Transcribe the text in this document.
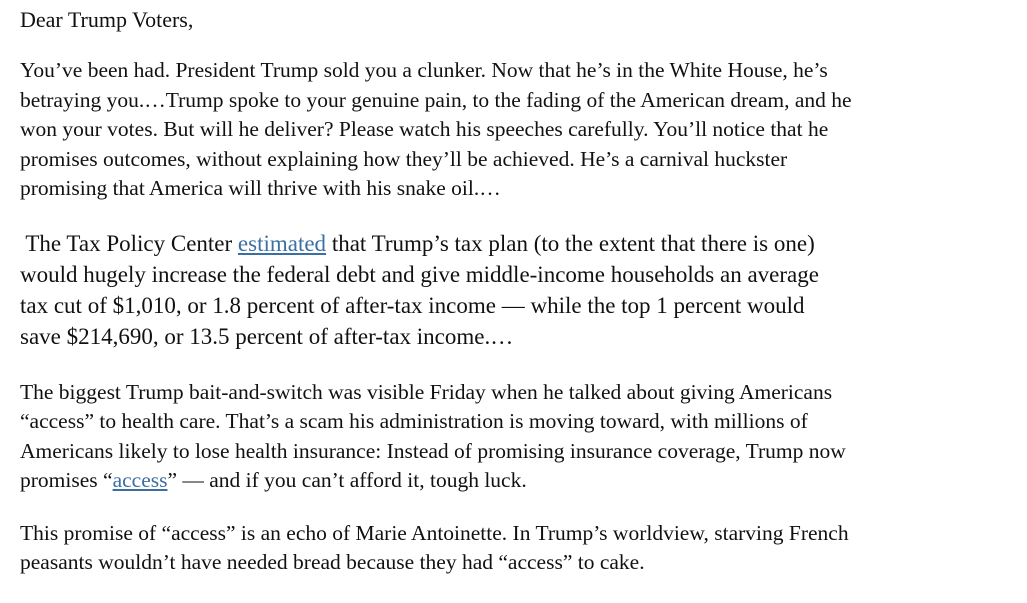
Dear Trump Voters,

You’ve been had. President Trump sold you a clunker. Now that he’s in the White House, he’s
betraying you.…Trump spoke to your genuine pain, to the fading of the American dream, and he
won your votes. But will he deliver? Please watch his speeches carefully. You’ll notice that he
promises outcomes, without explaining how they’ll be achieved. He’s a carnival huckster
promising that America will thrive with his snake oil.…

The Tax Policy Center estimated that Trump’s tax plan (to the extent that there is one)
would hugely increase the federal debt and give middle-income households an average
tax cut of $1,010, or 1.8 percent of after-tax income — while the top 1 percent would
save $214,690, or 13.5 percent of after-tax income.…

The biggest Trump bait-and-switch was visible Friday when he talked about giving Americans
“access” to health care. That’s a scam his administration is moving toward, with millions of
Americans likely to lose health insurance: Instead of promising insurance coverage, Trump now
promises “access” — and if you can’t afford it, tough luck.

This promise of “access” is an echo of Marie Antoinette. In Trump’s worldview, starving French
peasants wouldn’t have needed bread because they had “access” to cake.
